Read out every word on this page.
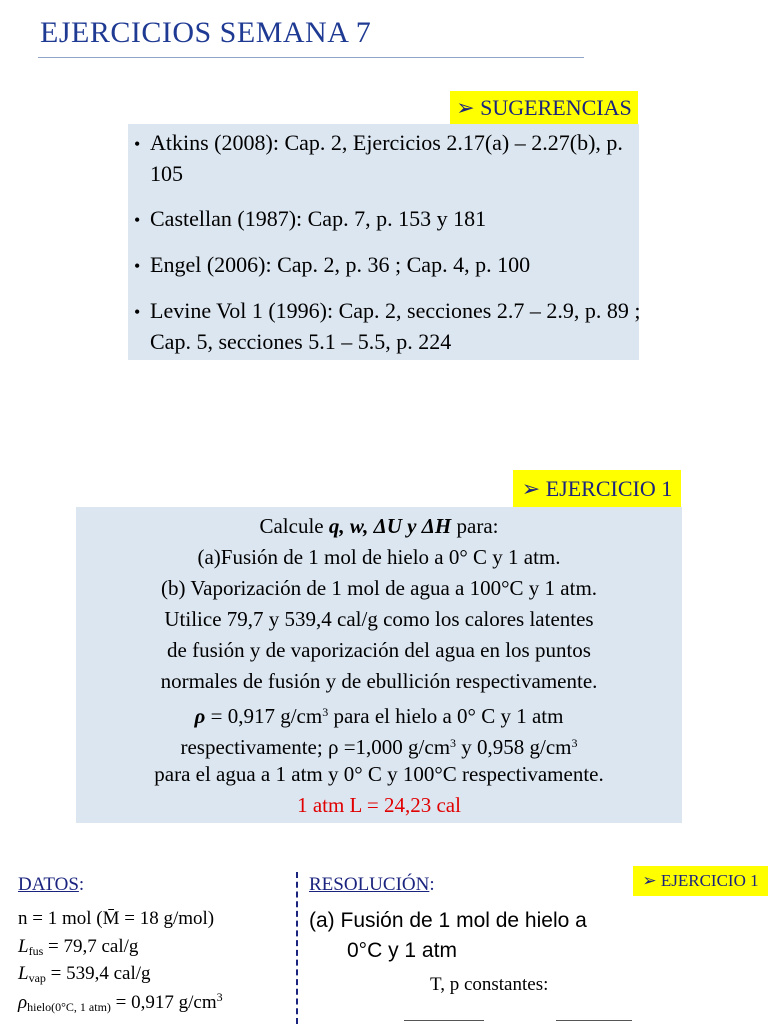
EJERCICIOS SEMANA 7
➢ SUGERENCIAS
• Atkins (2008): Cap. 2, Ejercicios 2.17(a) – 2.27(b), p. 105
• Castellan (1987): Cap. 7, p. 153 y 181
• Engel (2006): Cap. 2, p. 36 ; Cap. 4, p. 100
• Levine Vol 1 (1996): Cap. 2, secciones 2.7 – 2.9, p. 89 ; Cap. 5, secciones 5.1 – 5.5, p. 224
➢ EJERCICIO 1
Calcule q, w, ΔU y ΔH para:
(a)Fusión de 1 mol de hielo a 0° C y 1 atm.
(b) Vaporización de 1 mol de agua a 100°C y 1 atm.
Utilice 79,7 y 539,4 cal/g como los calores latentes
de fusión y de vaporización del agua en los puntos
normales de fusión y de ebullición respectivamente.
ρ = 0,917 $g/cm^3$ para el hielo a 0° C y 1 atm
respectivamente; ρ =1,000 $g/cm^3$ y 0,958 $g/cm^3$
para el agua a 1 atm y 0° C y 100°C respectivamente.
1 atm L = 24,23 cal
DATOS:
n = 1 mol (M̄ = 18 g/mol)
$L_{fus} = 79,7$ cal/g
$L_{vap} = 539,4$ cal/g
$\rho_{hielo(0^\circ C, 1 atm)} = 0,917$ $g/cm^3$
RESOLUCIÓN:	➢ EJERCICIO 1
(a) Fusión de 1 mol de hielo a
0°C y 1 atm
T, p constantes:
